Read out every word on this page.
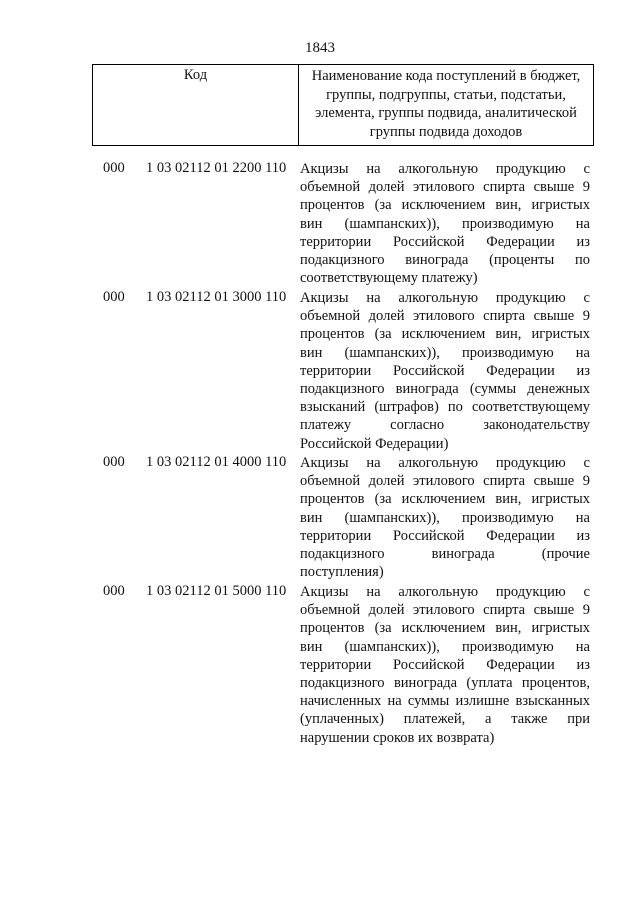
1843
Код	Наименование кода поступлений в бюджет, группы, подгруппы, статьи, подстатьи, элемента, группы подвида, аналитической группы подвида доходов
000 1 03 02112 01 2200 110 Акцизы на алкогольную продукцию с
объемной долей этилового спирта свыше 9
процентов (за исключением вин, игристых
вин (шампанских)), производимую на
территории Российской Федерации из
подакцизного винограда (проценты по
соответствующему платежу)
000 1 03 02112 01 3000 110 Акцизы на алкогольную продукцию с
объемной долей этилового спирта свыше 9
процентов (за исключением вин, игристых
вин (шампанских)), производимую на
территории Российской Федерации из
подакцизного винограда (суммы денежных
взысканий (штрафов) по соответствующему
платежу согласно законодательству
Российской Федерации)
000 1 03 02112 01 4000 110 Акцизы на алкогольную продукцию с
объемной долей этилового спирта свыше 9
процентов (за исключением вин, игристых
вин (шампанских)), производимую на
территории Российской Федерации из
подакцизного винограда (прочие
поступления)
000 1 03 02112 01 5000 110 Акцизы на алкогольную продукцию с
объемной долей этилового спирта свыше 9
процентов (за исключением вин, игристых
вин (шампанских)), производимую на
территории Российской Федерации из
подакцизного винограда (уплата процентов,
начисленных на суммы излишне взысканных
(уплаченных) платежей, а также при
нарушении сроков их возврата)
